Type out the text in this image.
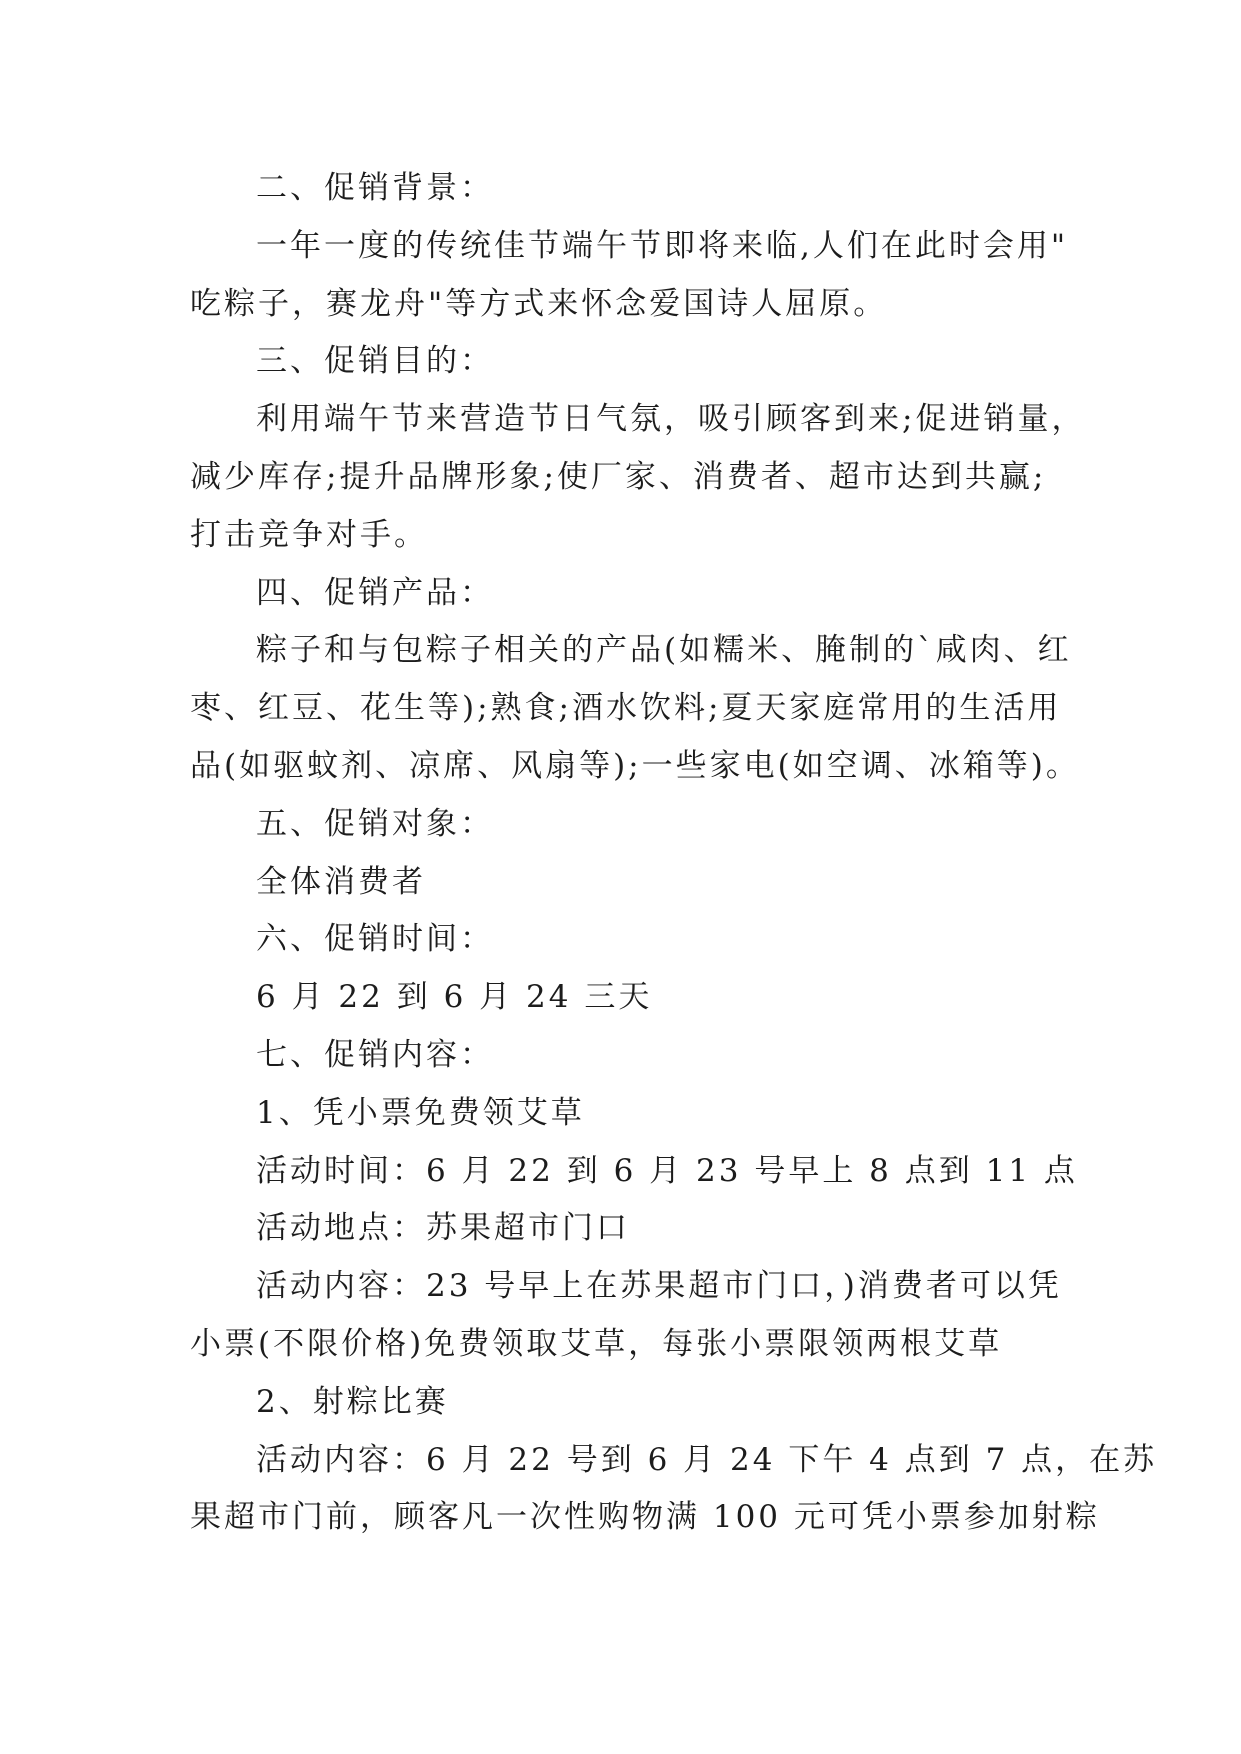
二、促销背景：
一年一度的传统佳节端午节即将来临,人们在此时会用"
吃粽子，赛龙舟"等方式来怀念爱国诗人屈原。
三、促销目的：
利用端午节来营造节日气氛，吸引顾客到来;促进销量，
减少库存;提升品牌形象;使厂家、消费者、超市达到共赢;
打击竞争对手。
四、促销产品：
粽子和与包粽子相关的产品(如糯米、腌制的`咸肉、红
枣、红豆、花生等);熟食;酒水饮料;夏天家庭常用的生活用
品(如驱蚊剂、凉席、风扇等);一些家电(如空调、冰箱等)。
五、促销对象：
全体消费者
六、促销时间：
6 月 22 到 6 月 24 三天
七、促销内容：
1、凭小票免费领艾草
活动时间：6 月 22 到 6 月 23 号早上 8 点到 11 点
活动地点：苏果超市门口
活动内容：23 号早上在苏果超市门口，)消费者可以凭
小票(不限价格)免费领取艾草，每张小票限领两根艾草
2、射粽比赛
活动内容：6 月 22 号到 6 月 24 下午 4 点到 7 点，在苏
果超市门前，顾客凡一次性购物满 100 元可凭小票参加射粽
